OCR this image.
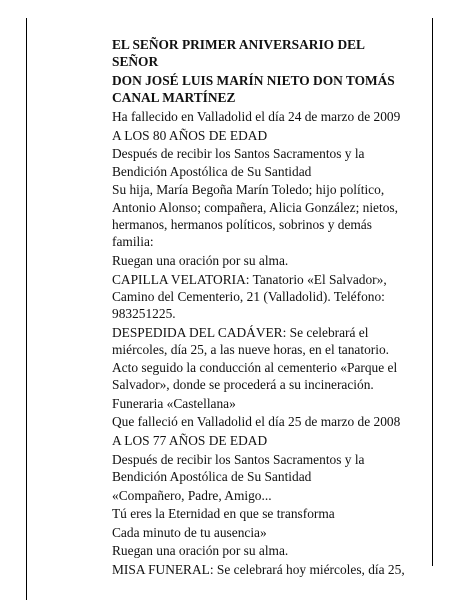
EL SEÑOR PRIMER ANIVERSARIO DEL SEÑOR

DON JOSÉ LUIS MARÍN NIETO DON TOMÁS CANAL MARTÍNEZ

Ha fallecido en Valladolid el día 24 de marzo de 2009

A LOS 80 AÑOS DE EDAD

Después de recibir los Santos Sacramentos y la Bendición Apostólica de Su Santidad

Su hija, María Begoña Marín Toledo; hijo político, Antonio Alonso; compañera, Alicia González; nietos, hermanos, hermanos políticos, sobrinos y demás familia:

Ruegan una oración por su alma.

CAPILLA VELATORIA: Tanatorio «El Salvador», Camino del Cementerio, 21 (Valladolid). Teléfono: 983251225.

DESPEDIDA DEL CADÁVER: Se celebrará el miércoles, día 25, a las nueve horas, en el tanatorio. Acto seguido la conducción al cementerio «Parque el Salvador», donde se procederá a su incineración.

Funeraria «Castellana»

Que falleció en Valladolid el día 25 de marzo de 2008

A LOS 77 AÑOS DE EDAD

Después de recibir los Santos Sacramentos y la Bendición Apostólica de Su Santidad

«Compañero, Padre, Amigo...

Tú eres la Eternidad en que se transforma

Cada minuto de tu ausencia»

Ruegan una oración por su alma.

MISA FUNERAL: Se celebrará hoy miércoles, día 25,
